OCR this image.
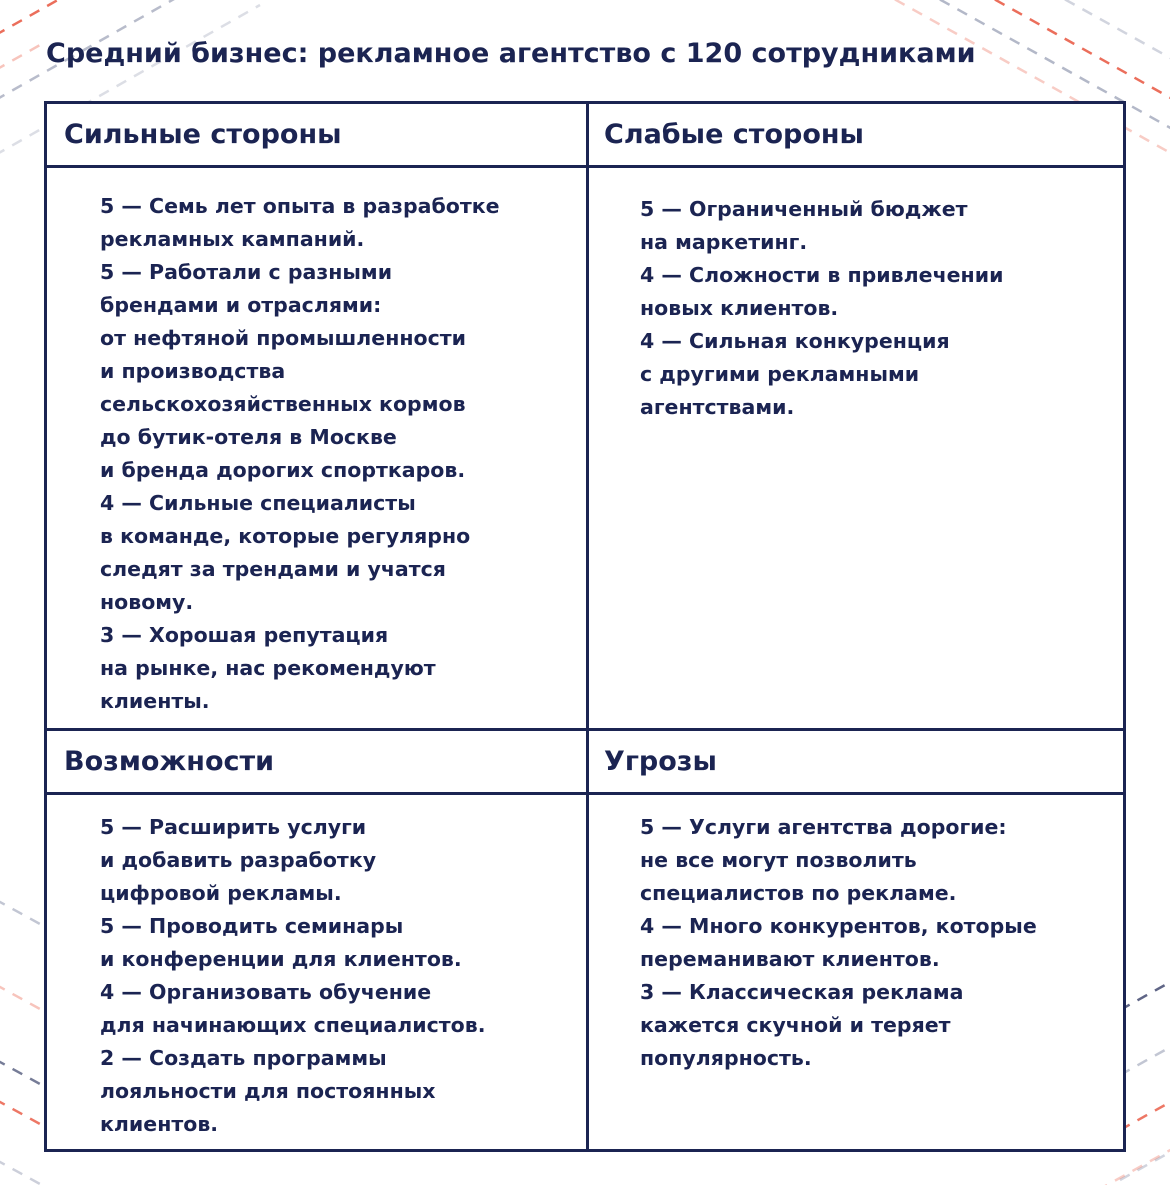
Средний бизнес: рекламное агентство с 120 сотрудниками
Сильные стороны
5 — Семь лет опыта в разработке
рекламных кампаний.
5 — Работали с разными
брендами и отраслями:
от нефтяной промышленности
и производства
сельскохозяйственных кормов
до бутик-отеля в Москве
и бренда дорогих спорткаров.
4 — Сильные специалисты
в команде, которые регулярно
следят за трендами и учатся
новому.
3 — Хорошая репутация
на рынке, нас рекомендуют
клиенты.
Слабые стороны
5 — Ограниченный бюджет
на маркетинг.
4 — Сложности в привлечении
новых клиентов.
4 — Сильная конкуренция
с другими рекламными
агентствами.
Возможности
5 — Расширить услуги
и добавить разработку
цифровой рекламы.
5 — Проводить семинары
и конференции для клиентов.
4 — Организовать обучение
для начинающих специалистов.
2 — Создать программы
лояльности для постоянных
клиентов.
Угрозы
5 — Услуги агентства дорогие:
не все могут позволить
специалистов по рекламе.
4 — Много конкурентов, которые
переманивают клиентов.
3 — Классическая реклама
кажется скучной и теряет
популярность.
